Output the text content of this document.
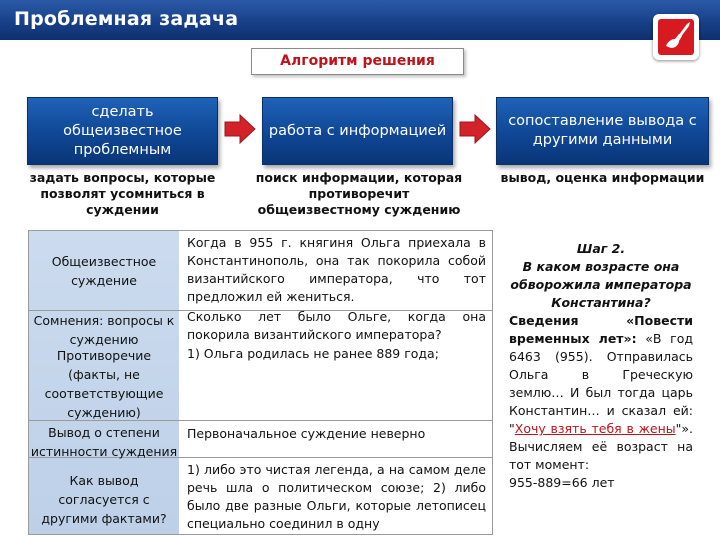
Проблемная задача
Алгоритм решения
сделать общеизвестное проблемным
работа с информацией
сопоставление вывода с другими данными
задать вопросы, которые позволят усомниться в суждении
поиск информации, которая противоречит общеизвестному суждению
вывод, оценка информации
Общеизвестное суждение
Сомнения: вопросы к суждению
Противоречие (факты, не соответствующие суждению)
Вывод о степени истинности суждения
Как вывод согласуется с другими фактами?
Когда в 955 г. княгиня Ольга приехала в Константинополь, она так покорила собой византийского императора, что тот предложил ей жениться.
Сколько лет было Ольге, когда она покорила византийского императора?
1) Ольга родилась не ранее 889 года;
Первоначальное суждение неверно
1) либо это чистая легенда, а на самом деле речь шла о политическом союзе; 2) либо было две разные Ольги, которые летописец специально соединил в одну
Шаг 2.
В каком возрасте она обворожила императора Константина?
Сведения «Повести временных лет»: «В год 6463 (955). Отправилась Ольга в Греческую землю… И был тогда царь Константин… и сказал ей: "Хочу взять тебя в жены"». Вычисляем её возраст на тот момент:
955-889=66 лет
